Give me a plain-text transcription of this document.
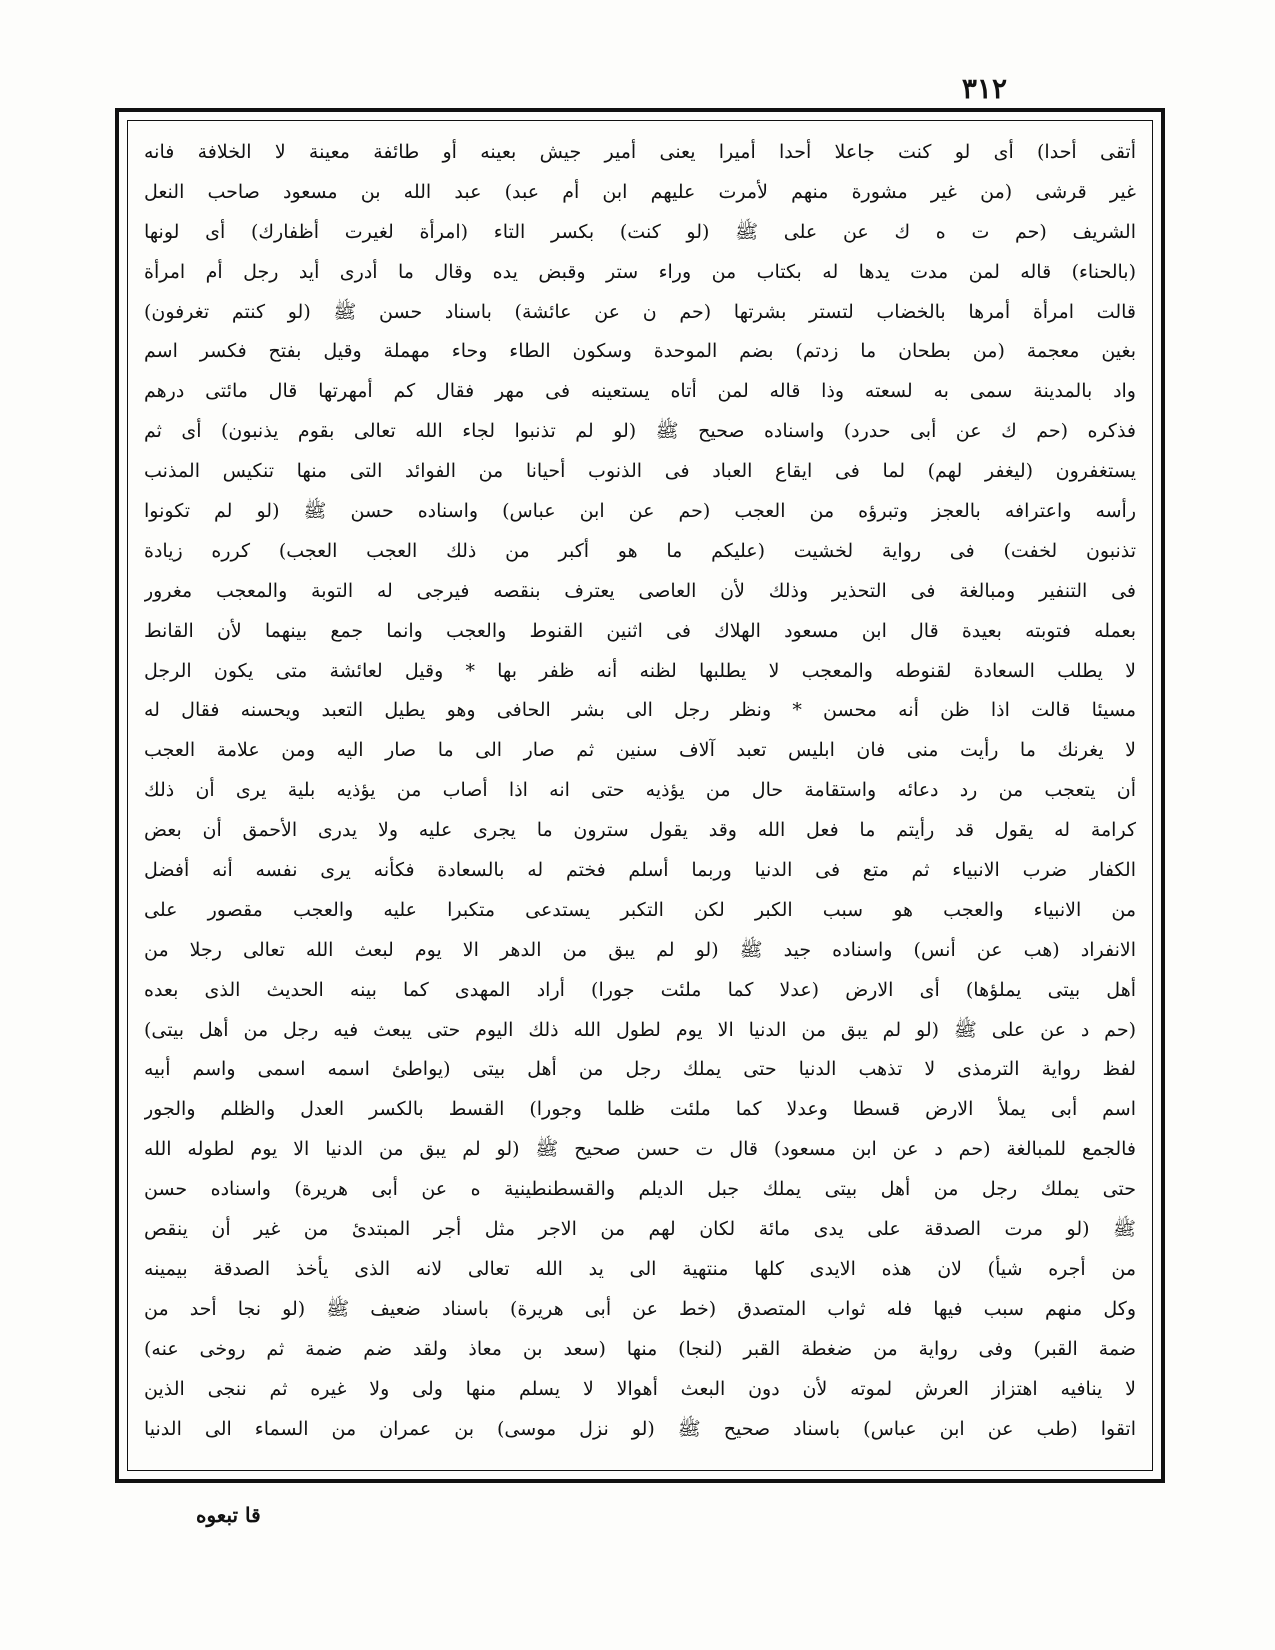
٣١٢
أتقى أحدا) أى لو كنت جاعلا أحدا أميرا يعنى أمير جيش بعينه أو طائفة معينة لا الخلافة فانه
غير قرشى (من غير مشورة منهم لأمرت عليهم ابن أم عبد) عبد الله بن مسعود صاحب النعل
الشريف (حم ت ه ك عن على ﷺ (لو كنت) بكسر التاء (امرأة لغيرت أظفارك) أى لونها
(بالحناء) قاله لمن مدت يدها له بكتاب من وراء ستر وقبض يده وقال ما أدرى أيد رجل أم امرأة
قالت امرأة أمرها بالخضاب لتستر بشرتها (حم ن عن عائشة) باسناد حسن ﷺ (لو كنتم تغرفون)
بغين معجمة (من بطحان ما زدتم) بضم الموحدة وسكون الطاء وحاء مهملة وقيل بفتح فكسر اسم
واد بالمدينة سمى به لسعته وذا قاله لمن أتاه يستعينه فى مهر فقال كم أمهرتها قال مائتى درهم
فذكره (حم ك عن أبى حدرد) واسناده صحيح ﷺ (لو لم تذنبوا لجاء الله تعالى بقوم يذنبون) أى ثم
يستغفرون (ليغفر لهم) لما فى ايقاع العباد فى الذنوب أحيانا من الفوائد التى منها تنكيس المذنب
رأسه واعترافه بالعجز وتبرؤه من العجب (حم عن ابن عباس) واسناده حسن ﷺ (لو لم تكونوا
تذنبون لخفت) فى رواية لخشيت (عليكم ما هو أكبر من ذلك العجب العجب) كرره زيادة
فى التنفير ومبالغة فى التحذير وذلك لأن العاصى يعترف بنقصه فيرجى له التوبة والمعجب مغرور
بعمله فتوبته بعيدة قال ابن مسعود الهلاك فى اثنين القنوط والعجب وانما جمع بينهما لأن القانط
لا يطلب السعادة لقنوطه والمعجب لا يطلبها لظنه أنه ظفر بها * وقيل لعائشة متى يكون الرجل
مسيئا قالت اذا ظن أنه محسن * ونظر رجل الى بشر الحافى وهو يطيل التعبد ويحسنه فقال له
لا يغرنك ما رأيت منى فان ابليس تعبد آلاف سنين ثم صار الى ما صار اليه ومن علامة العجب
أن يتعجب من رد دعائه واستقامة حال من يؤذيه حتى انه اذا أصاب من يؤذيه بلية يرى أن ذلك
كرامة له يقول قد رأيتم ما فعل الله وقد يقول سترون ما يجرى عليه ولا يدرى الأحمق أن بعض
الكفار ضرب الانبياء ثم متع فى الدنيا وربما أسلم فختم له بالسعادة فكأنه يرى نفسه أنه أفضل
من الانبياء والعجب هو سبب الكبر لكن التكبر يستدعى متكبرا عليه والعجب مقصور على
الانفراد (هب عن أنس) واسناده جيد ﷺ (لو لم يبق من الدهر الا يوم لبعث الله تعالى رجلا من
أهل بيتى يملؤها) أى الارض (عدلا كما ملئت جورا) أراد المهدى كما بينه الحديث الذى بعده
(حم د عن على ﷺ (لو لم يبق من الدنيا الا يوم لطول الله ذلك اليوم حتى يبعث فيه رجل من أهل بيتى)
لفظ رواية الترمذى لا تذهب الدنيا حتى يملك رجل من أهل بيتى (يواطئ اسمه اسمى واسم أبيه
اسم أبى يملأ الارض قسطا وعدلا كما ملئت ظلما وجورا) القسط بالكسر العدل والظلم والجور
فالجمع للمبالغة (حم د عن ابن مسعود) قال ت حسن صحيح ﷺ (لو لم يبق من الدنيا الا يوم لطوله الله
حتى يملك رجل من أهل بيتى يملك جبل الديلم والقسطنطينية ه عن أبى هريرة) واسناده حسن
ﷺ (لو مرت الصدقة على يدى مائة لكان لهم من الاجر مثل أجر المبتدئ من غير أن ينقص
من أجره شيأ) لان هذه الايدى كلها منتهية الى يد الله تعالى لانه الذى يأخذ الصدقة بيمينه
وكل منهم سبب فيها فله ثواب المتصدق (خط عن أبى هريرة) باسناد ضعيف ﷺ (لو نجا أحد من
ضمة القبر) وفى رواية من ضغطة القبر (لنجا) منها (سعد بن معاذ ولقد ضم ضمة ثم روخى عنه)
لا ينافيه اهتزاز العرش لموته لأن دون البعث أهوالا لا يسلم منها ولى ولا غيره ثم ننجى الذين
اتقوا (طب عن ابن عباس) باسناد صحيح ﷺ (لو نزل موسى) بن عمران من السماء الى الدنيا
قا تبعوه
